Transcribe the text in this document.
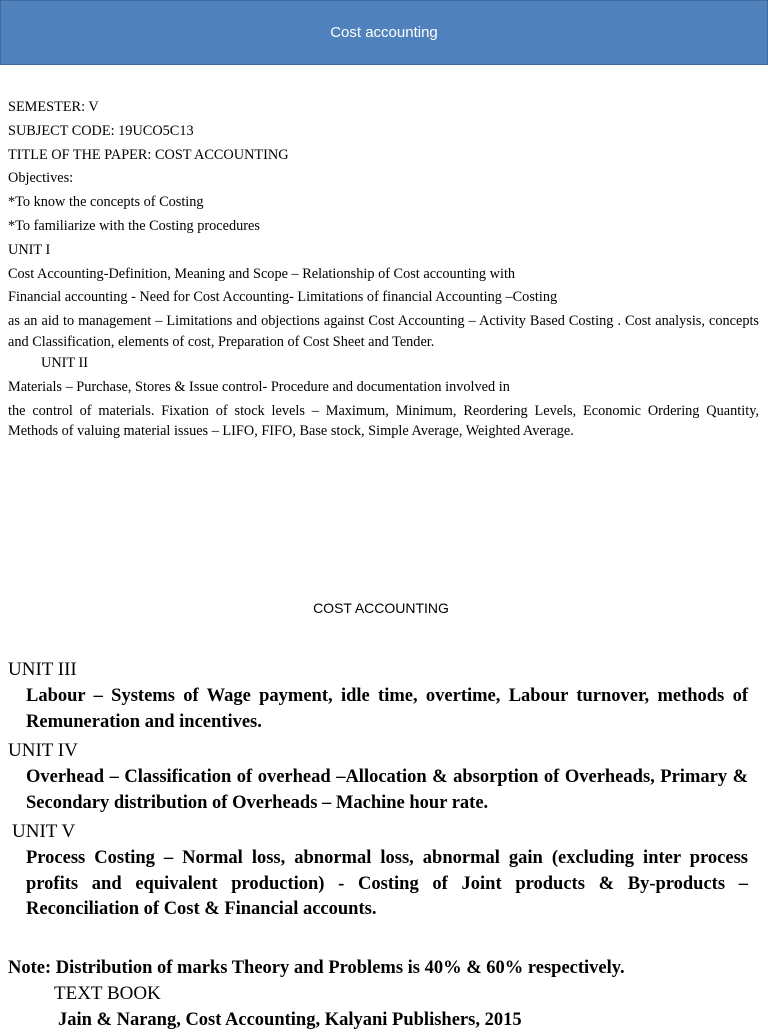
Cost accounting
SEMESTER: V
SUBJECT CODE: 19UCO5C13
TITLE OF THE PAPER: COST ACCOUNTING
Objectives:
*To know the concepts of Costing
*To familiarize with the Costing procedures
UNIT I
Cost Accounting-Definition, Meaning and Scope – Relationship of Cost accounting with
Financial accounting - Need for Cost Accounting- Limitations of financial Accounting –Costing
as an aid to management – Limitations and objections against Cost Accounting – Activity Based Costing . Cost analysis, concepts and Classification, elements of cost, Preparation of Cost Sheet and Tender.
UNIT II
Materials – Purchase, Stores & Issue control- Procedure and documentation involved in
the control of materials. Fixation of stock levels – Maximum, Minimum, Reordering Levels, Economic Ordering Quantity, Methods of valuing material issues – LIFO, FIFO, Base stock, Simple Average, Weighted Average.
COST ACCOUNTING
UNIT III
Labour – Systems of Wage payment, idle time, overtime, Labour turnover, methods of Remuneration and incentives.
UNIT IV
Overhead – Classification of overhead –Allocation & absorption of Overheads, Primary & Secondary distribution of Overheads – Machine hour rate.
UNIT V
Process Costing – Normal loss, abnormal loss, abnormal gain (excluding inter process profits and equivalent production) - Costing of Joint products & By-products – Reconciliation of Cost & Financial accounts.
Note: Distribution of marks Theory and Problems is 40% & 60% respectively.
TEXT BOOK
Jain & Narang, Cost Accounting, Kalyani Publishers, 2015
